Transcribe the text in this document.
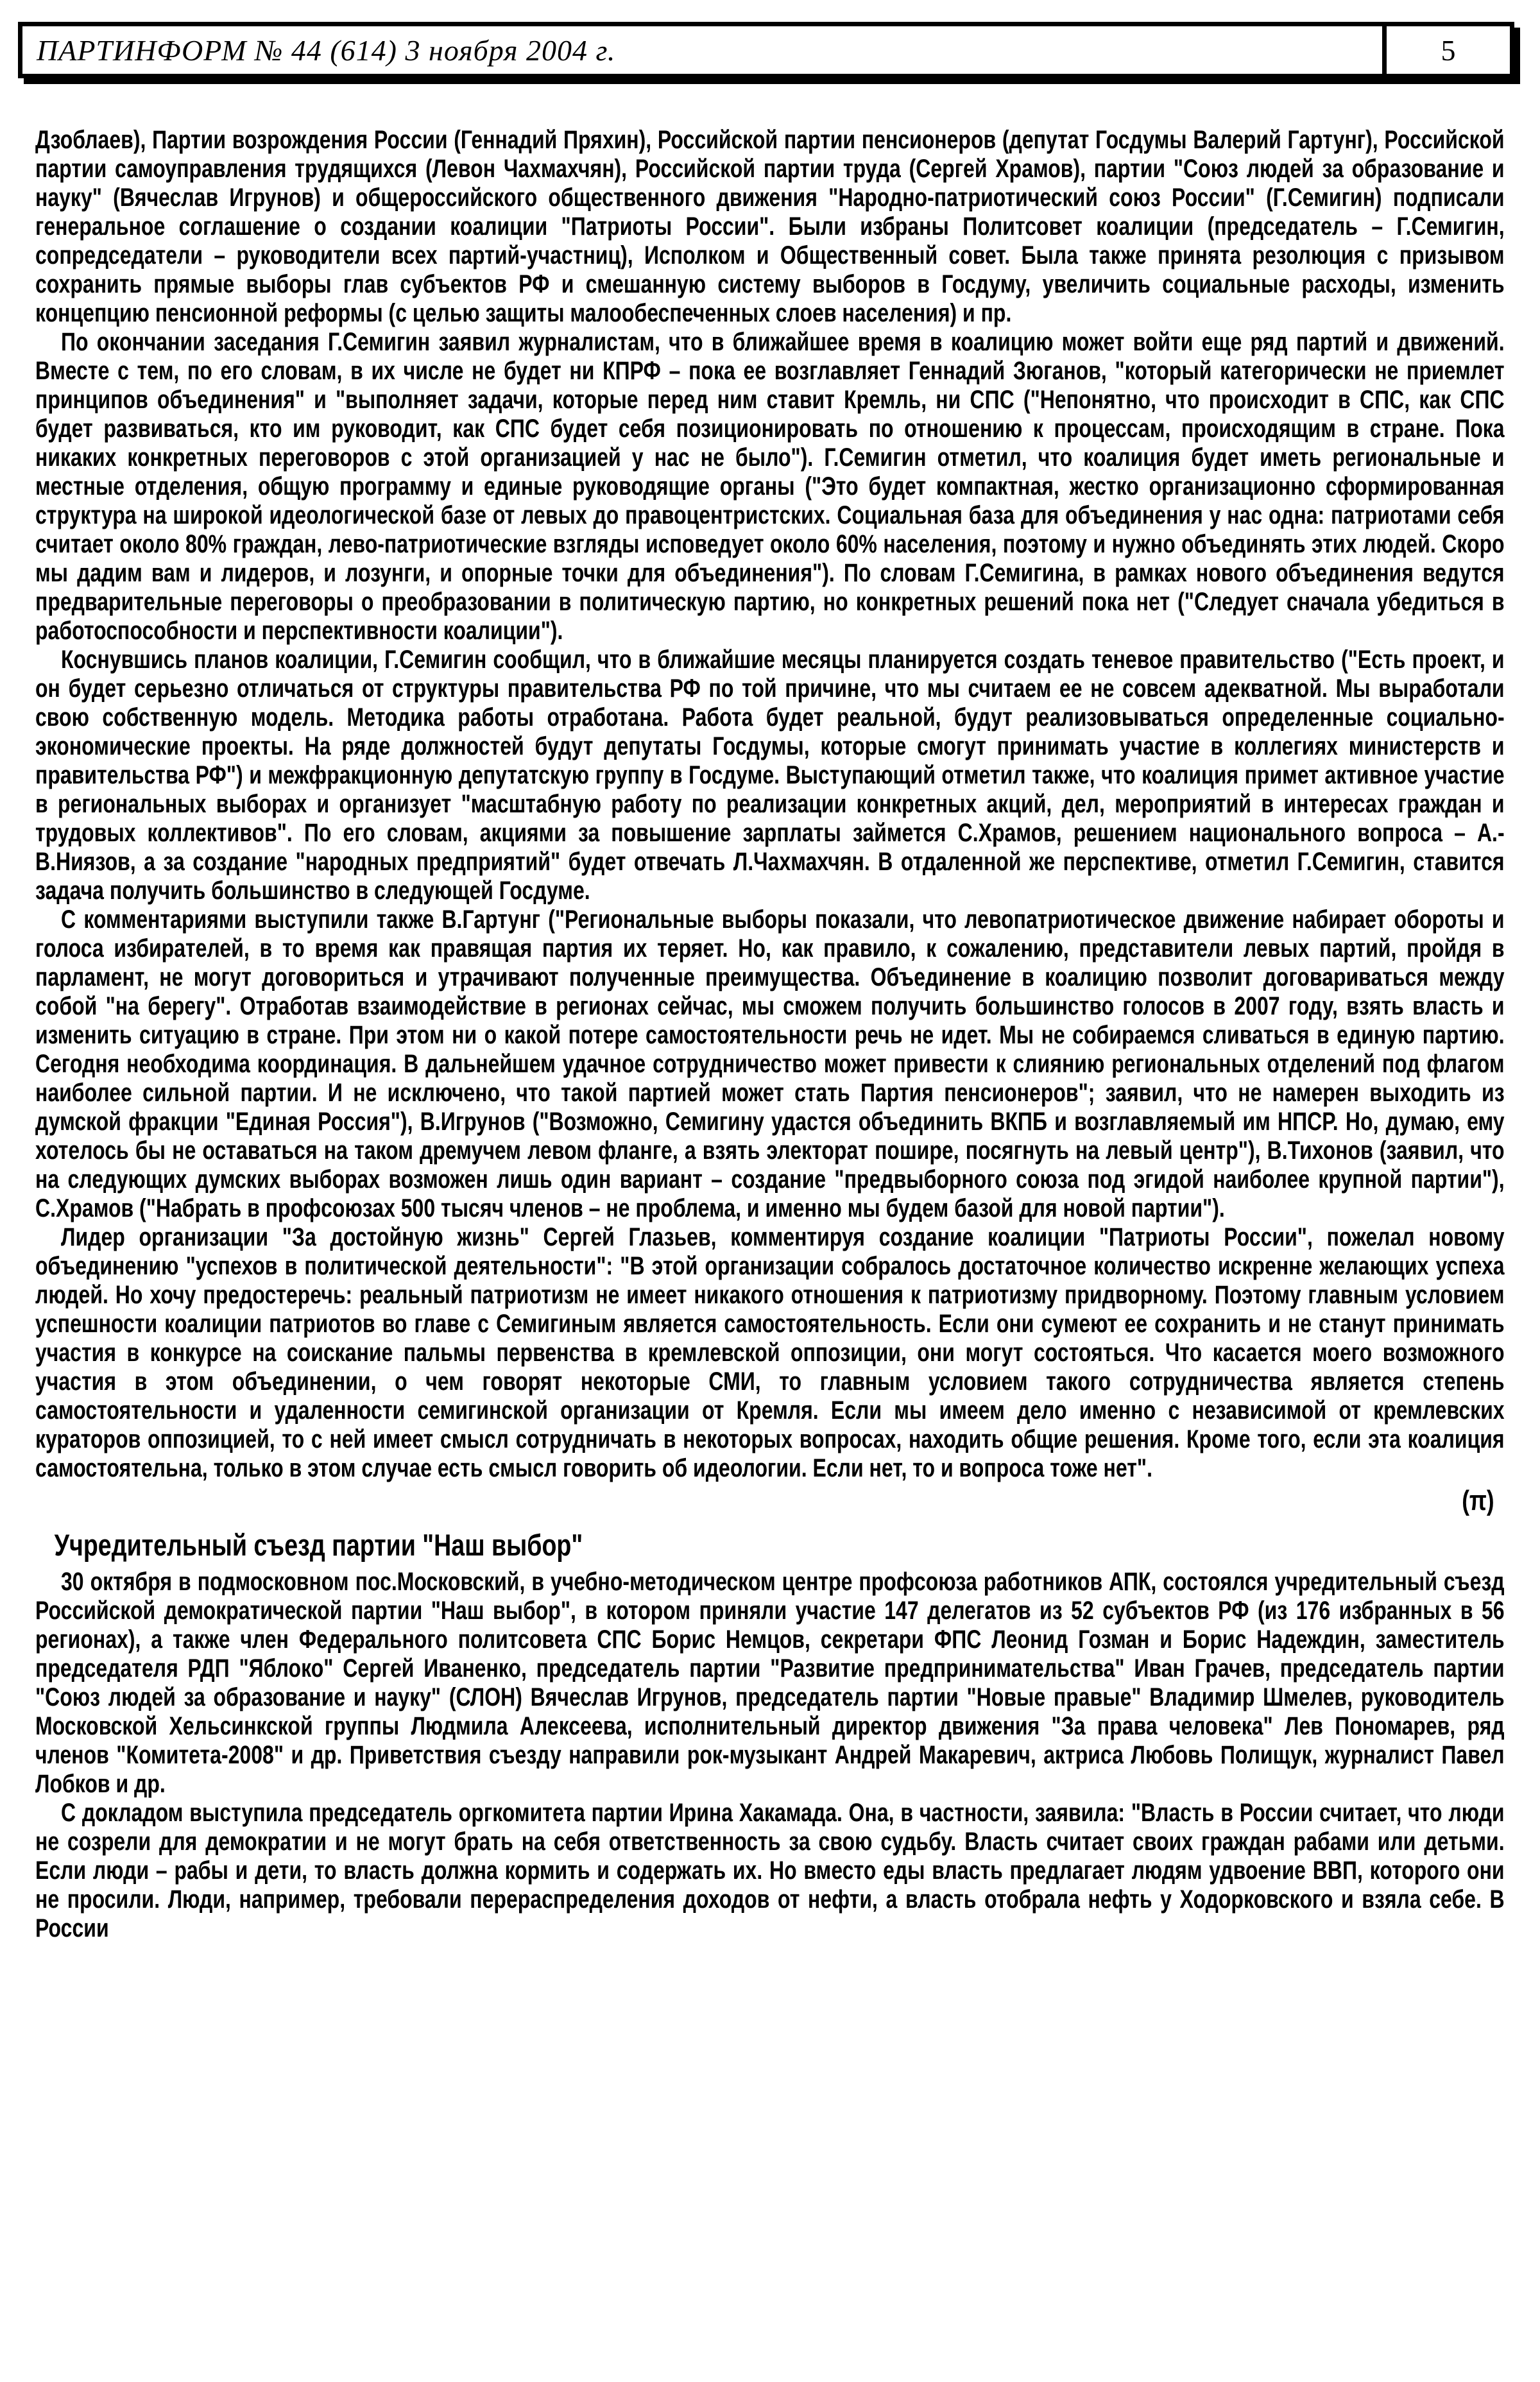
ПАРТИНФОРМ № 44 (614) 3 ноября 2004 г.	5

Дзоблаев), Партии возрождения России (Геннадий Пряхин), Российской партии пенсионеров (депутат Госдумы Валерий Гартунг), Российской партии самоуправления трудящихся (Левон Чахмахчян), Российской партии труда (Сергей Храмов), партии "Союз людей за образование и науку" (Вячеслав Игрунов) и общероссийского общественного движения "Народно-патриотический союз России" (Г.Семигин) подписали генеральное соглашение о создании коалиции "Патриоты России". Были избраны Политсовет коалиции (председатель – Г.Семигин, сопредседатели – руководители всех партий-участниц), Исполком и Общественный совет. Была также принята резолюция с призывом сохранить прямые выборы глав субъектов РФ и смешанную систему выборов в Госдуму, увеличить социальные расходы, изменить концепцию пенсионной реформы (с целью защиты малообеспеченных слоев населения) и пр.

По окончании заседания Г.Семигин заявил журналистам, что в ближайшее время в коалицию может войти еще ряд партий и движений. Вместе с тем, по его словам, в их числе не будет ни КПРФ – пока ее возглавляет Геннадий Зюганов, "который категорически не приемлет принципов объединения" и "выполняет задачи, которые перед ним ставит Кремль, ни СПС ("Непонятно, что происходит в СПС, как СПС будет развиваться, кто им руководит, как СПС будет себя позиционировать по отношению к процессам, происходящим в стране. Пока никаких конкретных переговоров с этой организацией у нас не было"). Г.Семигин отметил, что коалиция будет иметь региональные и местные отделения, общую программу и единые руководящие органы ("Это будет компактная, жестко организационно сформированная структура на широкой идеологической базе от левых до правоцентристских. Социальная база для объединения у нас одна: патриотами себя считает около 80% граждан, лево-патриотические взгляды исповедует около 60% населения, поэтому и нужно объединять этих людей. Скоро мы дадим вам и лидеров, и лозунги, и опорные точки для объединения"). По словам Г.Семигина, в рамках нового объединения ведутся предварительные переговоры о преобразовании в политическую партию, но конкретных решений пока нет ("Следует сначала убедиться в работоспособности и перспективности коалиции").

Коснувшись планов коалиции, Г.Семигин сообщил, что в ближайшие месяцы планируется создать теневое правительство ("Есть проект, и он будет серьезно отличаться от структуры правительства РФ по той причине, что мы считаем ее не совсем адекватной. Мы выработали свою собственную модель. Методика работы отработана. Работа будет реальной, будут реализовываться определенные социально-экономические проекты. На ряде должностей будут депутаты Госдумы, которые смогут принимать участие в коллегиях министерств и правительства РФ") и межфракционную депутатскую группу в Госдуме. Выступающий отметил также, что коалиция примет активное участие в региональных выборах и организует "масштабную работу по реализации конкретных акций, дел, мероприятий в интересах граждан и трудовых коллективов". По его словам, акциями за повышение зарплаты займется С.Храмов, решением национального вопроса – А.-В.Ниязов, а за создание "народных предприятий" будет отвечать Л.Чахмахчян. В отдаленной же перспективе, отметил Г.Семигин, ставится задача получить большинство в следующей Госдуме.

С комментариями выступили также В.Гартунг ("Региональные выборы показали, что левопатриотическое движение набирает обороты и голоса избирателей, в то время как правящая партия их теряет. Но, как правило, к сожалению, представители левых партий, пройдя в парламент, не могут договориться и утрачивают полученные преимущества. Объединение в коалицию позволит договариваться между собой "на берегу". Отработав взаимодействие в регионах сейчас, мы сможем получить большинство голосов в 2007 году, взять власть и изменить ситуацию в стране. При этом ни о какой потере самостоятельности речь не идет. Мы не собираемся сливаться в единую партию. Сегодня необходима координация. В дальнейшем удачное сотрудничество может привести к слиянию региональных отделений под флагом наиболее сильной партии. И не исключено, что такой партией может стать Партия пенсионеров"; заявил, что не намерен выходить из думской фракции "Единая Россия"), В.Игрунов ("Возможно, Семигину удастся объединить ВКПБ и возглавляемый им НПСР. Но, думаю, ему хотелось бы не оставаться на таком дремучем левом фланге, а взять электорат пошире, посягнуть на левый центр"), В.Тихонов (заявил, что на следующих думских выборах возможен лишь один вариант – создание "предвыборного союза под эгидой наиболее крупной партии"), С.Храмов ("Набрать в профсоюзах 500 тысяч членов – не проблема, и именно мы будем базой для новой партии").

Лидер организации "За достойную жизнь" Сергей Глазьев, комментируя создание коалиции "Патриоты России", пожелал новому объединению "успехов в политической деятельности": "В этой организации собралось достаточное количество искренне желающих успеха людей. Но хочу предостеречь: реальный патриотизм не имеет никакого отношения к патриотизму придворному. Поэтому главным условием успешности коалиции патриотов во главе с Семигиным является самостоятельность. Если они сумеют ее сохранить и не станут принимать участия в конкурсе на соискание пальмы первенства в кремлевской оппозиции, они могут состояться. Что касается моего возможного участия в этом объединении, о чем говорят некоторые СМИ, то главным условием такого сотрудничества является степень самостоятельности и удаленности семигинской организации от Кремля. Если мы имеем дело именно с независимой от кремлевских кураторов оппозицией, то с ней имеет смысл сотрудничать в некоторых вопросах, находить общие решения. Кроме того, если эта коалиция самостоятельна, только в этом случае есть смысл говорить об идеологии. Если нет, то и вопроса тоже нет".

(π)
Учредительный съезд партии "Наш выбор"

30 октября в подмосковном пос.Московский, в учебно-методическом центре профсоюза работников АПК, состоялся учредительный съезд Российской демократической партии "Наш выбор", в котором приняли участие 147 делегатов из 52 субъектов РФ (из 176 избранных в 56 регионах), а также член Федерального политсовета СПС Борис Немцов, секретари ФПС Леонид Гозман и Борис Надеждин, заместитель председателя РДП "Яблоко" Сергей Иваненко, председатель партии "Развитие предпринимательства" Иван Грачев, председатель партии "Союз людей за образование и науку" (СЛОН) Вячеслав Игрунов, председатель партии "Новые правые" Владимир Шмелев, руководитель Московской Хельсинкской группы Людмила Алексеева, исполнительный директор движения "За права человека" Лев Пономарев, ряд членов "Комитета-2008" и др. Приветствия съезду направили рок-музыкант Андрей Макаревич, актриса Любовь Полищук, журналист Павел Лобков и др.

С докладом выступила председатель оргкомитета партии Ирина Хакамада. Она, в частности, заявила: "Власть в России считает, что люди не созрели для демократии и не могут брать на себя ответственность за свою судьбу. Власть считает своих граждан рабами или детьми. Если люди – рабы и дети, то власть должна кормить и содержать их. Но вместо еды власть предлагает людям удвоение ВВП, которого они не просили. Люди, например, требовали перераспределения доходов от нефти, а власть отобрала нефть у Ходорковского и взяла себе. В России
